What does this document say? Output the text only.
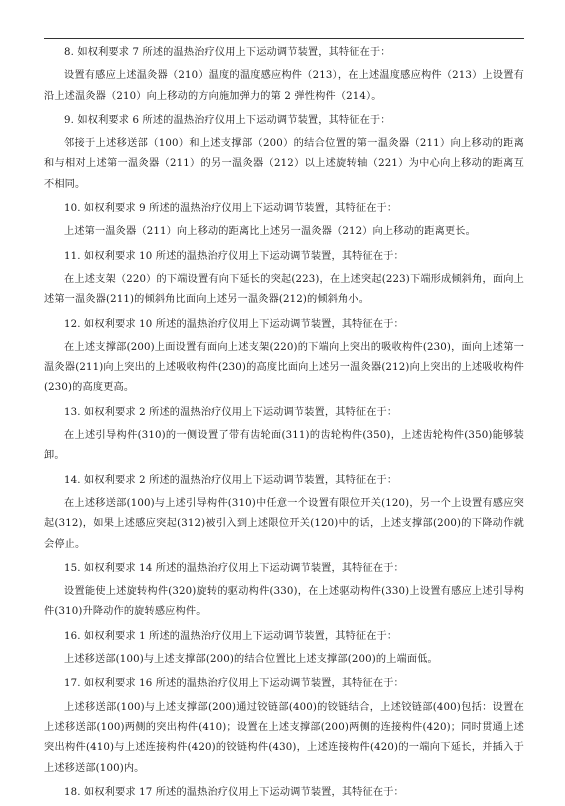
8. 如权利要求 7 所述的温热治疗仪用上下运动调节装置，其特征在于：

设置有感应上述温灸器（210）温度的温度感应构件（213），在上述温度感应构件（213）上设置有沿上述温灸器（210）向上移动的方向施加弹力的第 2 弹性构件（214）。

9. 如权利要求 6 所述的温热治疗仪用上下运动调节装置，其特征在于：

邻接于上述移送部（100）和上述支撑部（200）的结合位置的第一温灸器（211）向上移动的距离和与相对上述第一温灸器（211）的另一温灸器（212）以上述旋转轴（221）为中心向上移动的距离互不相同。

10. 如权利要求 9 所述的温热治疗仪用上下运动调节装置，其特征在于：

上述第一温灸器（211）向上移动的距离比上述另一温灸器（212）向上移动的距离更长。

11. 如权利要求 10 所述的温热治疗仪用上下运动调节装置，其特征在于：

在上述支架（220）的下端设置有向下延长的突起(223)，在上述突起(223)下端形成倾斜角，面向上述第一温灸器(211)的倾斜角比面向上述另一温灸器(212)的倾斜角小。

12. 如权利要求 10 所述的温热治疗仪用上下运动调节装置，其特征在于：

在上述支撑部(200)上面设置有面向上述支架(220)的下端向上突出的吸收构件(230)，面向上述第一温灸器(211)向上突出的上述吸收构件(230)的高度比面向上述另一温灸器(212)向上突出的上述吸收构件(230)的高度更高。

13. 如权利要求 2 所述的温热治疗仪用上下运动调节装置，其特征在于：

在上述引导构件(310)的一侧设置了带有齿轮面(311)的齿轮构件(350)，上述齿轮构件(350)能够装卸。

14. 如权利要求 2 所述的温热治疗仪用上下运动调节装置，其特征在于：

在上述移送部(100)与上述引导构件(310)中任意一个设置有限位开关(120)，另一个上设置有感应突起(312)，如果上述感应突起(312)被引入到上述限位开关(120)中的话，上述支撑部(200)的下降动作就会停止。

15. 如权利要求 14 所述的温热治疗仪用上下运动调节装置，其特征在于：

设置能使上述旋转构件(320)旋转的驱动构件(330)，在上述驱动构件(330)上设置有感应上述引导构件(310)升降动作的旋转感应构件。

16. 如权利要求 1 所述的温热治疗仪用上下运动调节装置，其特征在于：

上述移送部(100)与上述支撑部(200)的结合位置比上述支撑部(200)的上端面低。

17. 如权利要求 16 所述的温热治疗仪用上下运动调节装置，其特征在于：

上述移送部(100)与上述支撑部(200)通过铰链部(400)的铰链结合，上述铰链部(400)包括：设置在上述移送部(100)两侧的突出构件(410)；设置在上述支撑部(200)两侧的连接构件(420)；同时贯通上述突出构件(410)与上述连接构件(420)的铰链构件(430)，上述连接构件(420)的一端向下延长，并插入于上述移送部(100)内。

18. 如权利要求 17 所述的温热治疗仪用上下运动调节装置，其特征在于：
